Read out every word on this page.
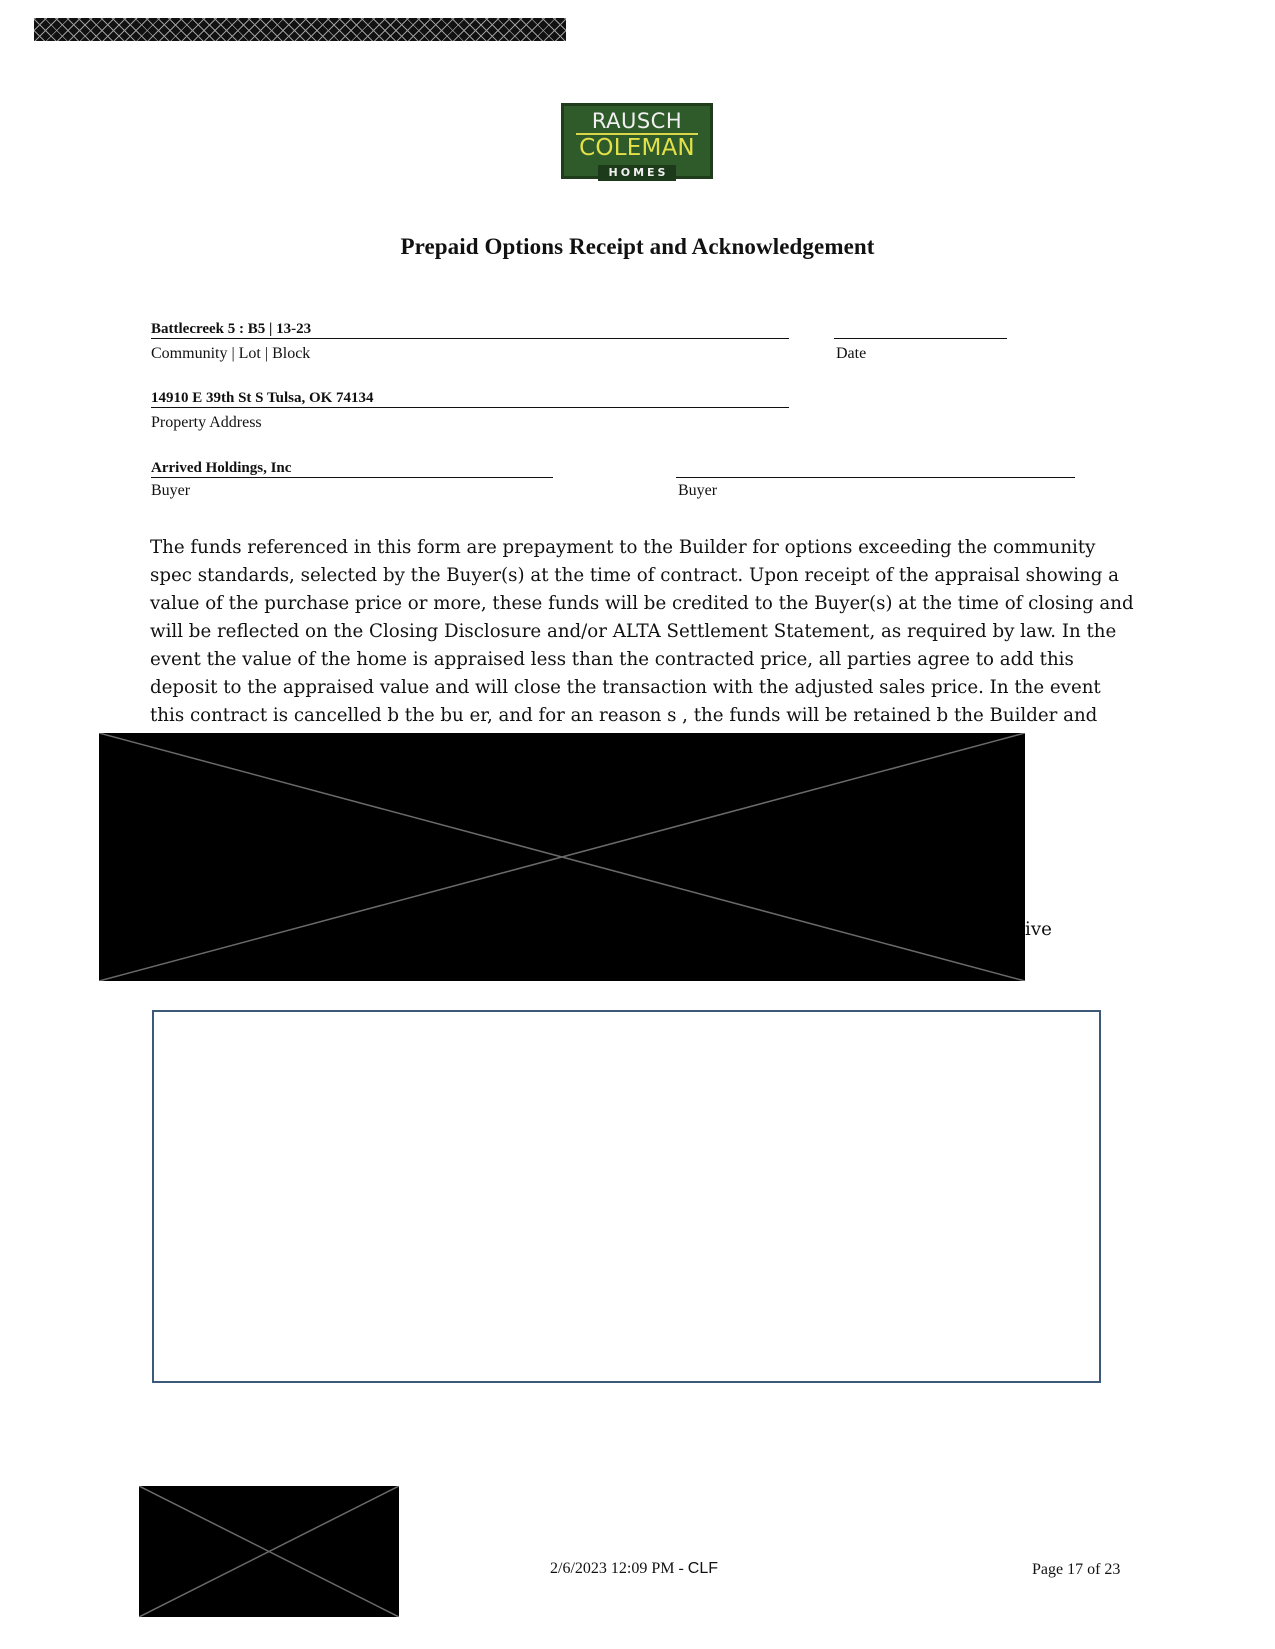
RAUSCH
COLEMAN
HOMES
Prepaid Options Receipt and Acknowledgement
Battlecreek 5 : B5 | 13-23
Community | Lot | Block	Date
14910 E 39th St S Tulsa, OK 74134
Property Address
Arrived Holdings, Inc
Buyer	Buyer
The funds referenced in this form are prepayment to the Builder for options exceeding the community
spec standards, selected by the Buyer(s) at the time of contract. Upon receipt of the appraisal showing a
value of the purchase price or more, these funds will be credited to the Buyer(s) at the time of closing and
will be reflected on the Closing Disclosure and/or ALTA Settlement Statement, as required by law. In the
event the value of the home is appraised less than the contracted price, all parties agree to add this
deposit to the appraised value and will close the transaction with the adjusted sales price. In the event
this contract is cancelled b the bu er, and for an reason s , the funds will be retained b the Builder and
ive
2/6/2023 12:09 PM - CLF	Page 17 of 23
